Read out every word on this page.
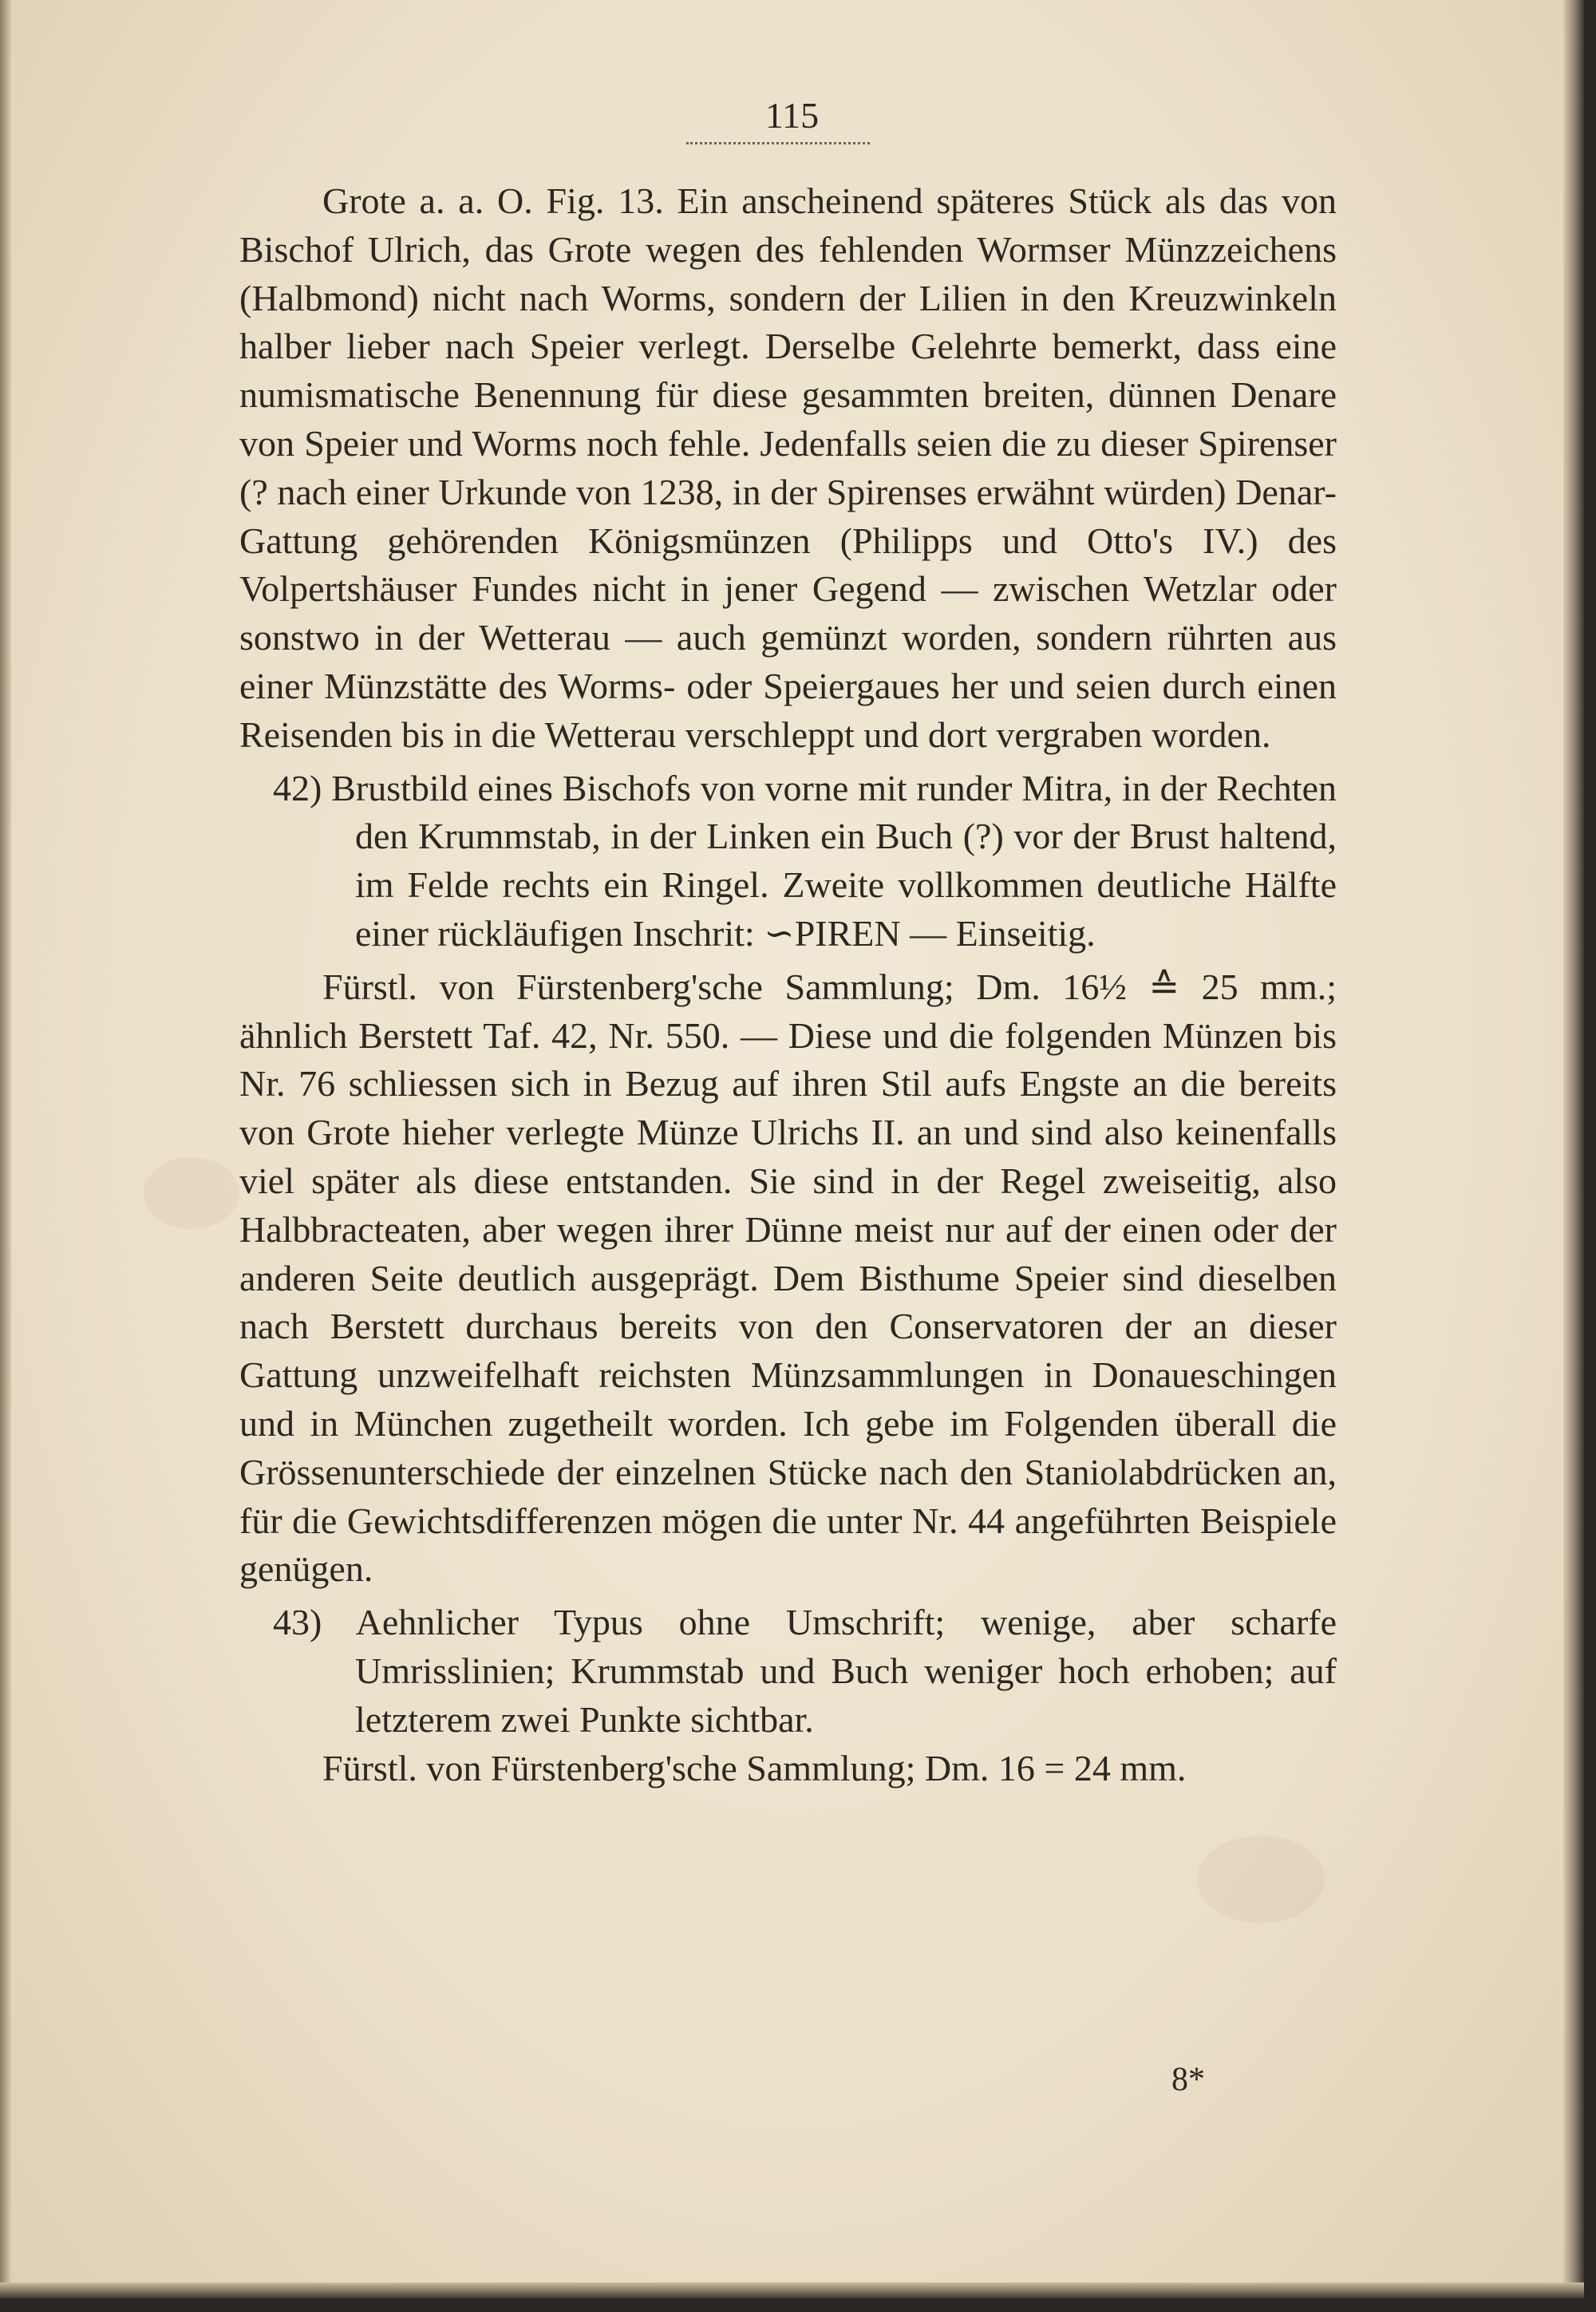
115

Grote a. a. O. Fig. 13. Ein anscheinend späteres Stück als das von Bischof Ulrich, das Grote wegen des fehlenden Wormser Münzzeichens (Halbmond) nicht nach Worms, sondern der Lilien in den Kreuzwinkeln halber lieber nach Speier verlegt. Derselbe Gelehrte bemerkt, dass eine numismatische Benennung für diese gesammten breiten, dünnen Denare von Speier und Worms noch fehle. Jedenfalls seien die zu dieser Spirenser (? nach einer Urkunde von 1238, in der Spirenses erwähnt würden) Denar-Gattung gehörenden Königsmünzen (Philipps und Otto's IV.) des Volpertshäuser Fundes nicht in jener Gegend — zwischen Wetzlar oder sonstwo in der Wetterau — auch gemünzt worden, sondern rührten aus einer Münzstätte des Worms- oder Speiergaues her und seien durch einen Reisenden bis in die Wetterau verschleppt und dort vergraben worden.

42) Brustbild eines Bischofs von vorne mit runder Mitra, in der Rechten den Krummstab, in der Linken ein Buch (?) vor der Brust haltend, im Felde rechts ein Ringel. Zweite vollkommen deutliche Hälfte einer rückläufigen Inschrit: ∽PIREN — Einseitig.

Fürstl. von Fürstenberg'sche Sammlung; Dm. 16½ ≙ 25 mm.; ähnlich Berstett Taf. 42, Nr. 550. — Diese und die folgenden Münzen bis Nr. 76 schliessen sich in Bezug auf ihren Stil aufs Engste an die bereits von Grote hieher verlegte Münze Ulrichs II. an und sind also keinenfalls viel später als diese entstanden. Sie sind in der Regel zweiseitig, also Halbbracteaten, aber wegen ihrer Dünne meist nur auf der einen oder der anderen Seite deutlich ausgeprägt. Dem Bisthume Speier sind dieselben nach Berstett durchaus bereits von den Conservatoren der an dieser Gattung unzweifelhaft reichsten Münzsammlungen in Donaueschingen und in München zugetheilt worden. Ich gebe im Folgenden überall die Grössenunterschiede der einzelnen Stücke nach den Staniolabdrücken an, für die Gewichtsdifferenzen mögen die unter Nr. 44 angeführten Beispiele genügen.

43) Aehnlicher Typus ohne Umschrift; wenige, aber scharfe Umrisslinien; Krummstab und Buch weniger hoch erhoben; auf letzterem zwei Punkte sichtbar.

Fürstl. von Fürstenberg'sche Sammlung; Dm. 16 = 24 mm.

8*
